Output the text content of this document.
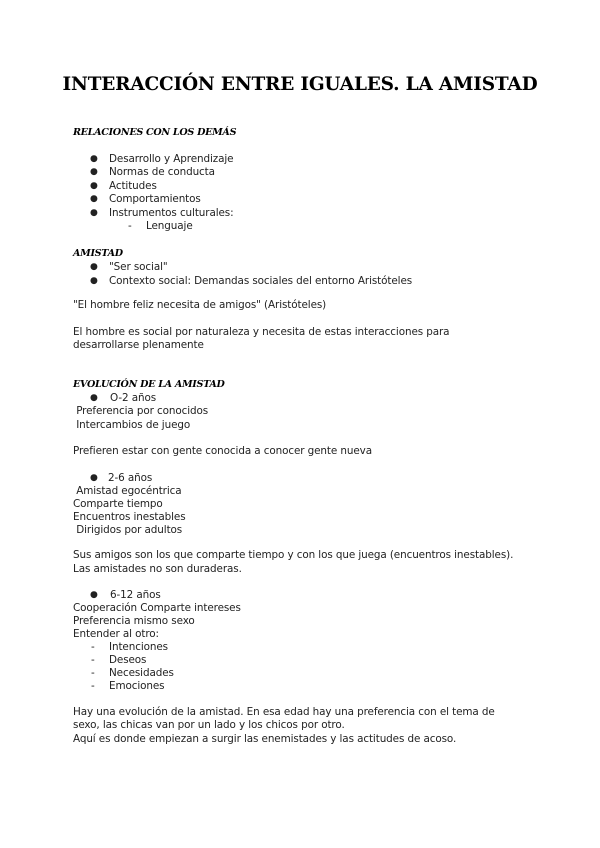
INTERACCIÓN ENTRE IGUALES. LA AMISTAD
RELACIONES CON LOS DEMÁS
● Desarrollo y Aprendizaje
● Normas de conducta
● Actitudes
● Comportamientos
● Instrumentos culturales:
- Lenguaje
AMISTAD
● "Ser social"
● Contexto social: Demandas sociales del entorno Aristóteles
"El hombre feliz necesita de amigos" (Aristóteles)
El hombre es social por naturaleza y necesita de estas interacciones para
desarrollarse plenamente
EVOLUCIÓN DE LA AMISTAD
● O-2 años
Preferencia por conocidos
Intercambios de juego
Prefieren estar con gente conocida a conocer gente nueva
● 2-6 años
Amistad egocéntrica
Comparte tiempo
Encuentros inestables
Dirigidos por adultos
Sus amigos son los que comparte tiempo y con los que juega (encuentros inestables).
Las amistades no son duraderas.
● 6-12 años
Cooperación Comparte intereses
Preferencia mismo sexo
Entender al otro:
- Intenciones
- Deseos
- Necesidades
- Emociones
Hay una evolución de la amistad. En esa edad hay una preferencia con el tema de
sexo, las chicas van por un lado y los chicos por otro.
Aquí es donde empiezan a surgir las enemistades y las actitudes de acoso.
